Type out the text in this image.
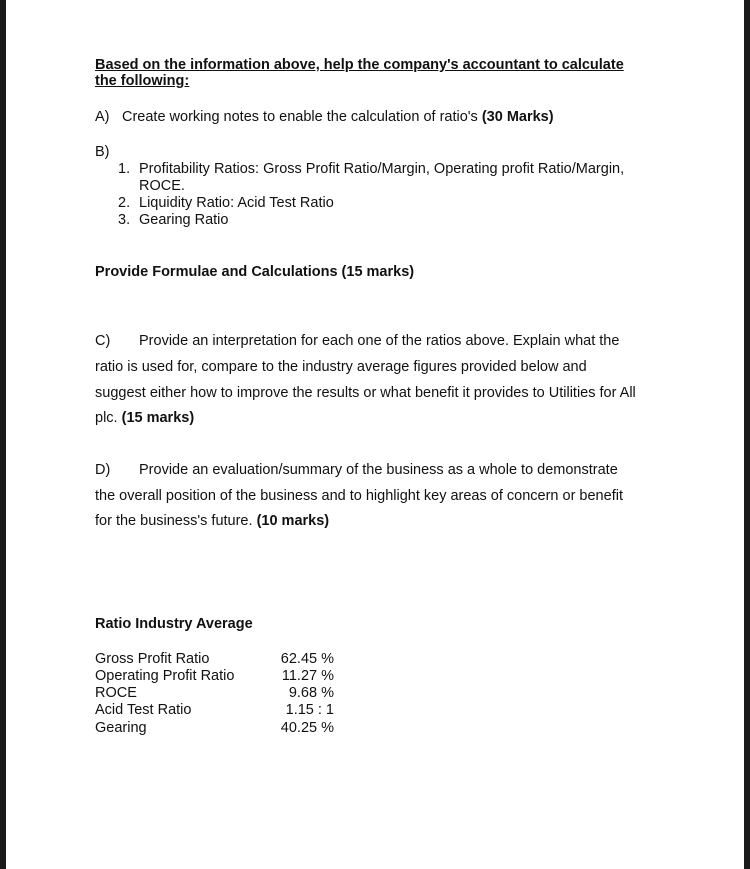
Based on the information above, help the company's accountant to calculate
the following:
A) Create working notes to enable the calculation of ratio's (30 Marks)
B)
1. Profitability Ratios: Gross Profit Ratio/Margin, Operating profit Ratio/Margin,
ROCE.
2. Liquidity Ratio: Acid Test Ratio
3. Gearing Ratio
Provide Formulae and Calculations (15 marks)
C) Provide an interpretation for each one of the ratios above. Explain what the
ratio is used for, compare to the industry average figures provided below and
suggest either how to improve the results or what benefit it provides to Utilities for All
plc. (15 marks)
D) Provide an evaluation/summary of the business as a whole to demonstrate
the overall position of the business and to highlight key areas of concern or benefit
for the business's future. (10 marks)
Ratio Industry Average
Gross Profit Ratio	62.45 %
Operating Profit Ratio	11.27 %
ROCE	9.68 %
Acid Test Ratio	1.15 : 1
Gearing	40.25 %
